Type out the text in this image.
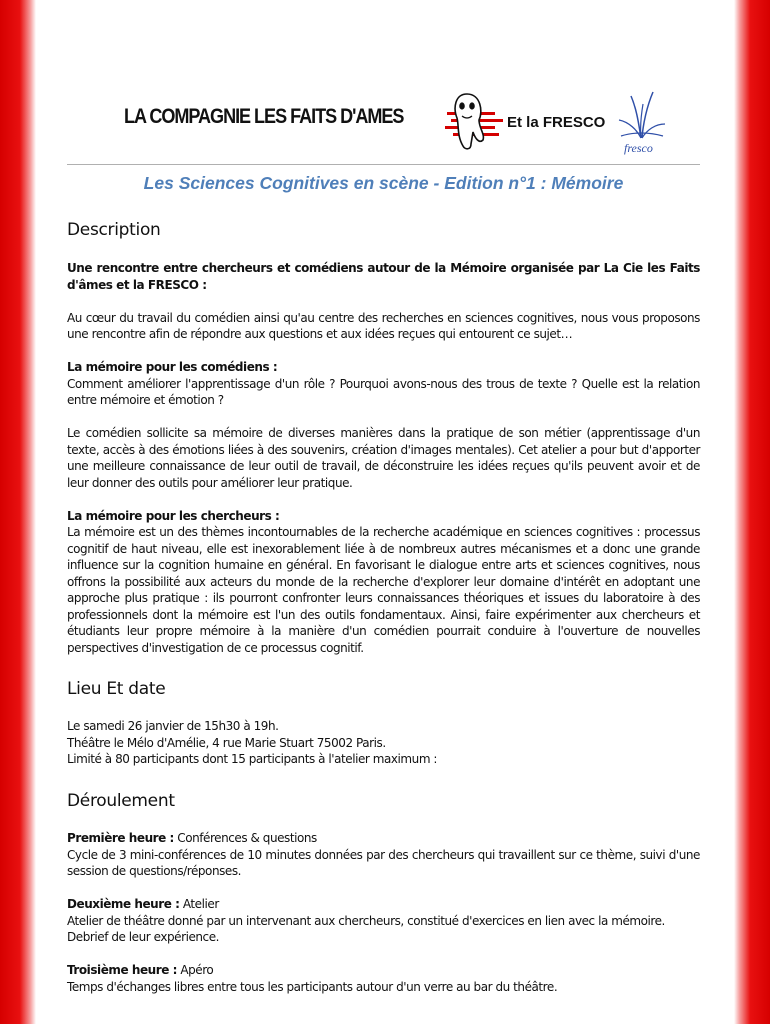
LA COMPAGNIE LES FAITS D'AMES	Et la FRESCO
fresco
Les Sciences Cognitives en scène - Edition n°1 : Mémoire
Description

Une rencontre entre chercheurs et comédiens autour de la Mémoire organisée par La Cie les Faits d'âmes et la FRESCO :

Au cœur du travail du comédien ainsi qu'au centre des recherches en sciences cognitives, nous vous proposons une rencontre afin de répondre aux questions et aux idées reçues qui entourent ce sujet…

La mémoire pour les comédiens :

Comment améliorer l'apprentissage d'un rôle ? Pourquoi avons-nous des trous de texte ? Quelle est la relation entre mémoire et émotion ?

Le comédien sollicite sa mémoire de diverses manières dans la pratique de son métier (apprentissage d'un texte, accès à des émotions liées à des souvenirs, création d'images mentales). Cet atelier a pour but d'apporter une meilleure connaissance de leur outil de travail, de déconstruire les idées reçues qu'ils peuvent avoir et de leur donner des outils pour améliorer leur pratique.

La mémoire pour les chercheurs :

La mémoire est un des thèmes incontournables de la recherche académique en sciences cognitives : processus cognitif de haut niveau, elle est inexorablement liée à de nombreux autres mécanismes et a donc une grande influence sur la cognition humaine en général. En favorisant le dialogue entre arts et sciences cognitives, nous offrons la possibilité aux acteurs du monde de la recherche d'explorer leur domaine d'intérêt en adoptant une approche plus pratique : ils pourront confronter leurs connaissances théoriques et issues du laboratoire à des professionnels dont la mémoire est l'un des outils fondamentaux. Ainsi, faire expérimenter aux chercheurs et étudiants leur propre mémoire à la manière d'un comédien pourrait conduire à l'ouverture de nouvelles perspectives d'investigation de ce processus cognitif.

Lieu Et date

Le samedi 26 janvier de 15h30 à 19h.

Théâtre le Mélo d'Amélie, 4 rue Marie Stuart 75002 Paris.

Limité à 80 participants dont 15 participants à l'atelier maximum :

Déroulement

Première heure : Conférences & questions

Cycle de 3 mini-conférences de 10 minutes données par des chercheurs qui travaillent sur ce thème, suivi d'une session de questions/réponses.

Deuxième heure : Atelier

Atelier de théâtre donné par un intervenant aux chercheurs, constitué d'exercices en lien avec la mémoire.

Debrief de leur expérience.

Troisième heure : Apéro

Temps d'échanges libres entre tous les participants autour d'un verre au bar du théâtre.
